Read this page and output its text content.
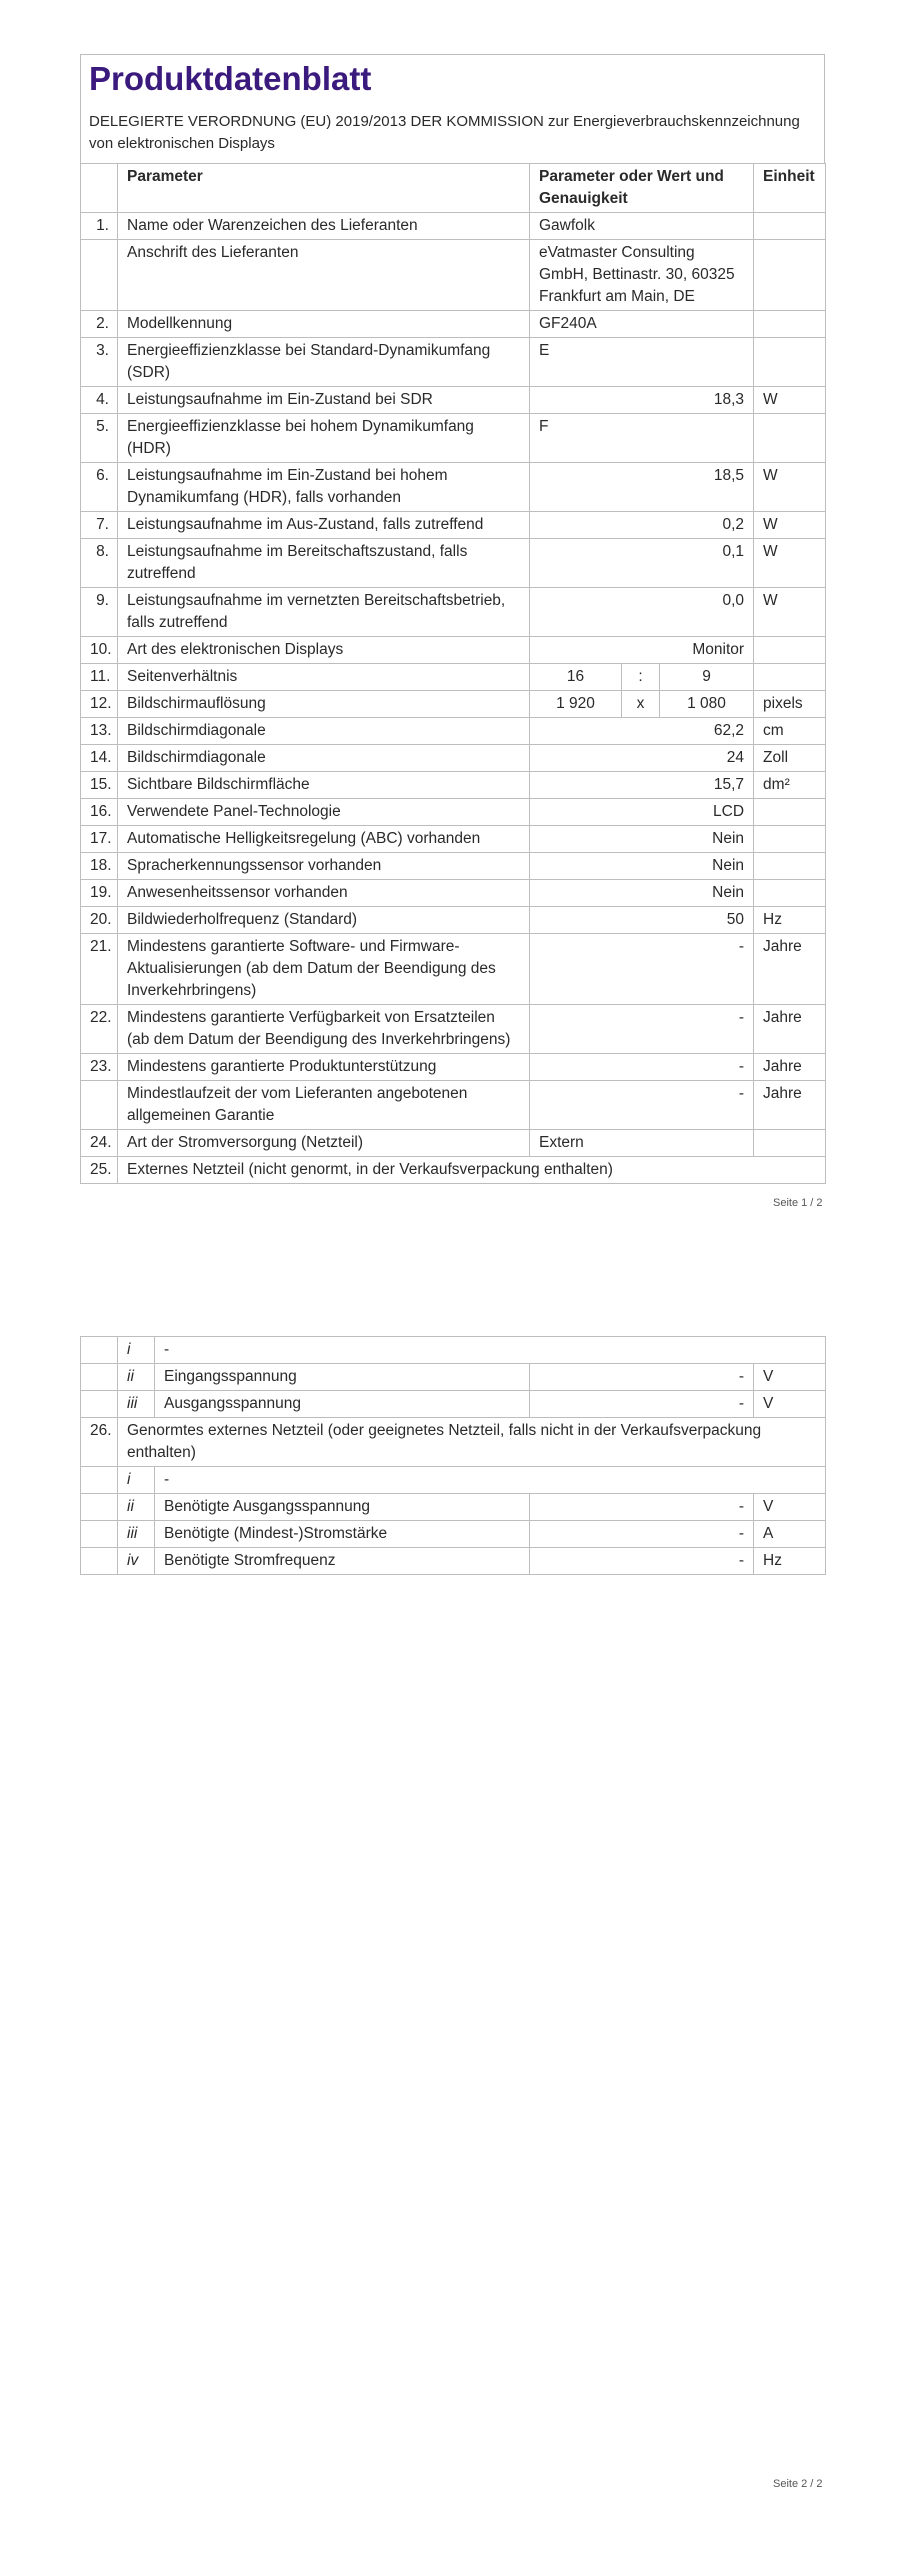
Produktdatenblatt
DELEGIERTE VERORDNUNG (EU) 2019/2013 DER KOMMISSION zur Energieverbrauchskennzeichnung von elektronischen Displays
	Parameter	Parameter oder Wert und Genauigkeit			Einheit
1.	Name oder Warenzeichen des Lieferanten	Gawfolk			
	Anschrift des Lieferanten	eVatmaster Consulting GmbH, Bettinastr. 30, 60325 Frankfurt am Main, DE			
2.	Modellkennung	GF240A			
3.	Energieeffizienzklasse bei Standard-Dynamikumfang (SDR)	E			
4.	Leistungsaufnahme im Ein-Zustand bei SDR	18,3			W
5.	Energieeffizienzklasse bei hohem Dynamikumfang (HDR)	F			
6.	Leistungsaufnahme im Ein-Zustand bei hohem Dynamikumfang (HDR), falls vorhanden	18,5			W
7.	Leistungsaufnahme im Aus-Zustand, falls zutreffend	0,2			W
8.	Leistungsaufnahme im Bereitschaftszustand, falls zutreffend	0,1			W
9.	Leistungsaufnahme im vernetzten Bereitschaftsbetrieb, falls zutreffend	0,0			W
10.	Art des elektronischen Displays	Monitor			
11.	Seitenverhältnis	16	:	9	
12.	Bildschirmauflösung	1 920	x	1 080	pixels
13.	Bildschirmdiagonale	62,2			cm
14.	Bildschirmdiagonale	24			Zoll
15.	Sichtbare Bildschirmfläche	15,7			dm²
16.	Verwendete Panel-Technologie	LCD			
17.	Automatische Helligkeitsregelung (ABC) vorhanden	Nein			
18.	Spracherkennungssensor vorhanden	Nein			
19.	Anwesenheitssensor vorhanden	Nein			
20.	Bildwiederholfrequenz (Standard)	50			Hz
21.	Mindestens garantierte Software- und Firmware-Aktualisierungen (ab dem Datum der Beendigung des Inverkehrbringens)	-			Jahre
22.	Mindestens garantierte Verfügbarkeit von Ersatzteilen (ab dem Datum der Beendigung des Inverkehrbringens)	-			Jahre
23.	Mindestens garantierte Produktunterstützung	-			Jahre
	Mindestlaufzeit der vom Lieferanten angebotenen allgemeinen Garantie	-			Jahre
24.	Art der Stromversorgung (Netzteil)	Extern			
25.	Externes Netzteil (nicht genormt, in der Verkaufsverpackung enthalten)				
Seite 1 / 2
	i	-		
	ii	Eingangsspannung	-	V
	iii	Ausgangsspannung	-	V
26.	Genormtes externes Netzteil (oder geeignetes Netzteil, falls nicht in der Verkaufsverpackung enthalten)			
	i	-		
	ii	Benötigte Ausgangsspannung	-	V
	iii	Benötigte (Mindest-)Stromstärke	-	A
	iv	Benötigte Stromfrequenz	-	Hz
Seite 2 / 2
